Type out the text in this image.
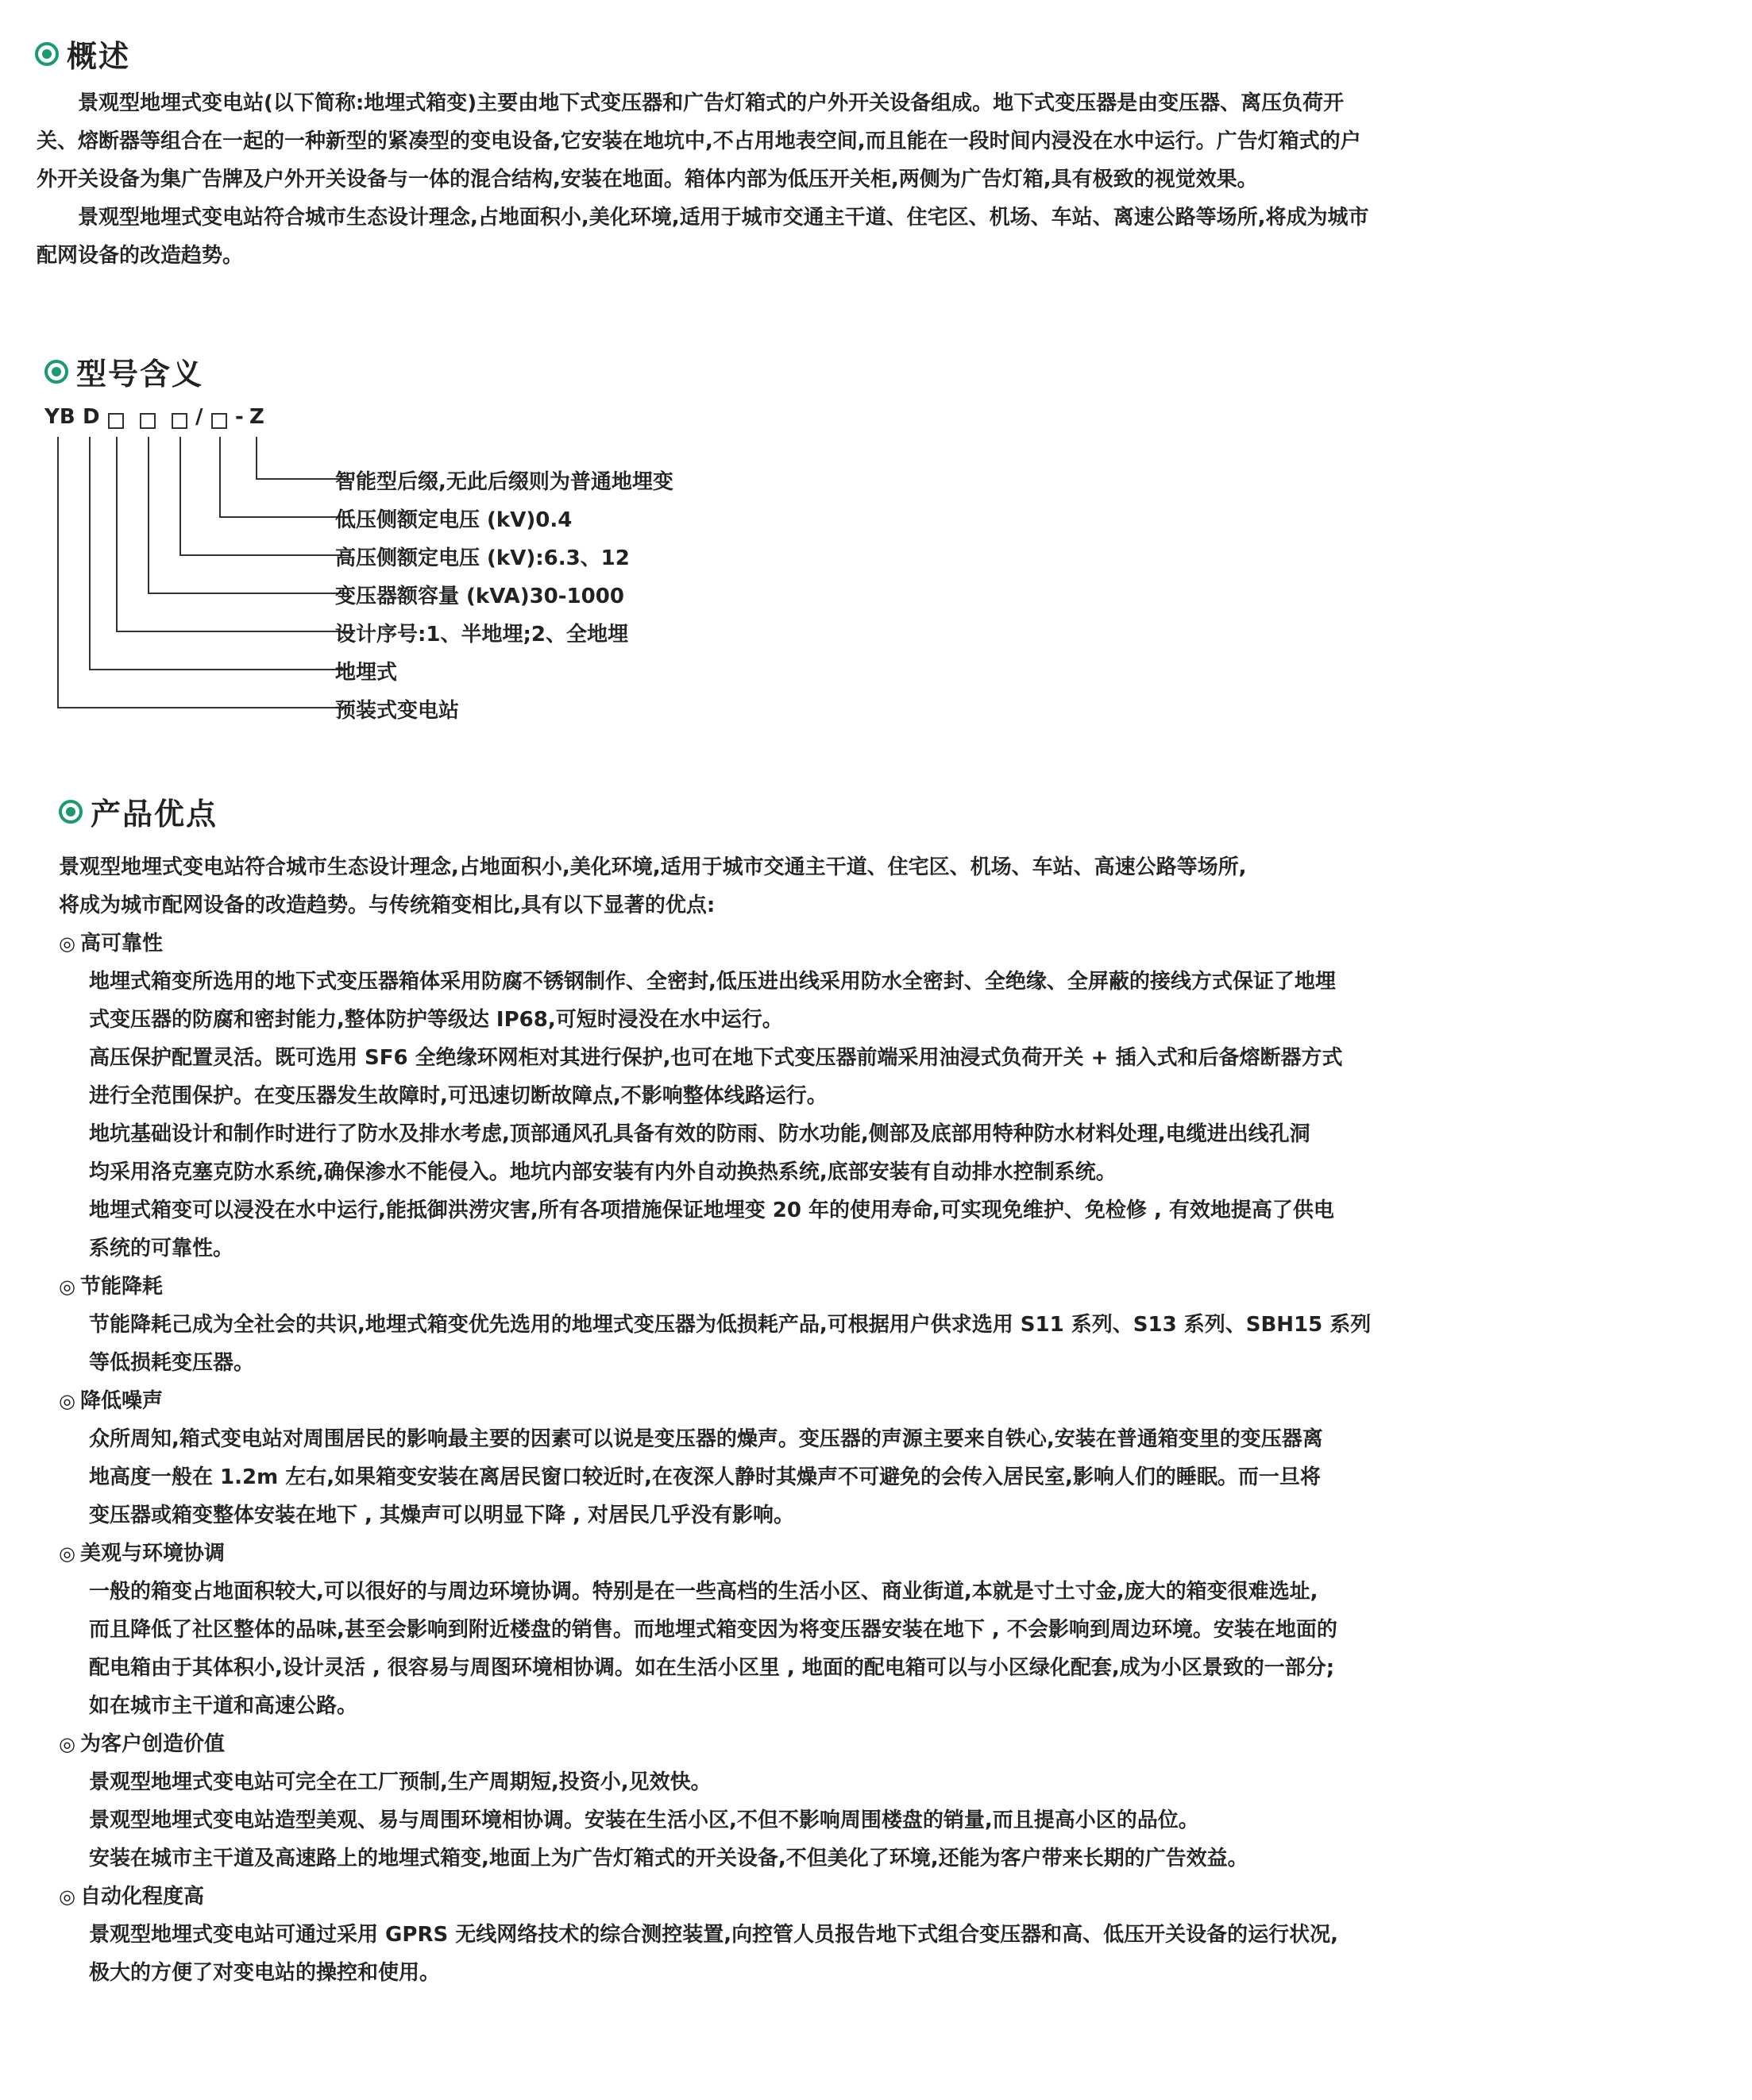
概述

景观型地埋式变电站(以下简称:地埋式箱变)主要由地下式变压器和广告灯箱式的户外开关设备组成。地下式变压器是由变压器、离压负荷开关、熔断器等组合在一起的一种新型的紧凑型的变电设备,它安装在地坑中,不占用地表空间,而且能在一段时间内浸没在水中运行。广告灯箱式的户外开关设备为集广告牌及户外开关设备与一体的混合结构,安装在地面。箱体内部为低压开关柜,两侧为广告灯箱,具有极致的视觉效果。

景观型地埋式变电站符合城市生态设计理念,占地面积小,美化环境,适用于城市交通主干道、住宅区、机场、车站、离速公路等场所,将成为城市配网设备的改造趋势。

型号含义
YB D	/ - Z
智能型后缀,无此后缀则为普通地埋变
低压侧额定电压 (kV)0.4
高压侧额定电压 (kV):6.3、12
变压器额容量 (kVA)30-1000
设计序号:1、半地埋;2、全地埋
地埋式
预装式变电站
产品优点

景观型地埋式变电站符合城市生态设计理念,占地面积小,美化环境,适用于城市交通主干道、住宅区、机场、车站、高速公路等场所,

将成为城市配网设备的改造趋势。与传统箱变相比,具有以下显著的优点:

◎ 高可靠性

地埋式箱变所选用的地下式变压器箱体采用防腐不锈钢制作、全密封,低压进出线采用防水全密封、全绝缘、全屏蔽的接线方式保证了地埋

式变压器的防腐和密封能力,整体防护等级达 IP68,可短时浸没在水中运行。

高压保护配置灵活。既可选用 SF6 全绝缘环网柜对其进行保护,也可在地下式变压器前端采用油浸式负荷开关 + 插入式和后备熔断器方式

进行全范围保护。在变压器发生故障时,可迅速切断故障点,不影响整体线路运行。

地坑基础设计和制作时进行了防水及排水考虑,顶部通风孔具备有效的防雨、防水功能,侧部及底部用特种防水材料处理,电缆进出线孔洞

均采用洛克塞克防水系统,确保渗水不能侵入。地坑内部安装有内外自动换热系统,底部安装有自动排水控制系统。

地埋式箱变可以浸没在水中运行,能抵御洪涝灾害,所有各项措施保证地埋变 20 年的使用寿命,可实现免维护、免检修 , 有效地提高了供电

系统的可靠性。

◎ 节能降耗

节能降耗己成为全社会的共识,地埋式箱变优先选用的地埋式变压器为低损耗产品,可根据用户供求选用 S11 系列、S13 系列、SBH15 系列

等低损耗变压器。

◎ 降低噪声

众所周知,箱式变电站对周围居民的影响最主要的因素可以说是变压器的燥声。变压器的声源主要来自铁心,安装在普通箱变里的变压器离

地高度一般在 1.2m 左右,如果箱变安装在离居民窗口较近时,在夜深人静时其燥声不可避免的会传入居民室,影响人们的睡眠。而一旦将

变压器或箱变整体安装在地下 , 其燥声可以明显下降 , 对居民几乎没有影响。

◎ 美观与环境协调

一般的箱变占地面积较大,可以很好的与周边环境协调。特别是在一些高档的生活小区、商业街道,本就是寸土寸金,庞大的箱变很难选址,

而且降低了社区整体的品味,甚至会影响到附近楼盘的销售。而地埋式箱变因为将变压器安装在地下 , 不会影响到周边环境。安装在地面的

配电箱由于其体积小,设计灵活 , 很容易与周图环境相协调。如在生活小区里 , 地面的配电箱可以与小区绿化配套,成为小区景致的一部分;

如在城市主干道和高速公路。

◎ 为客户创造价值

景观型地埋式变电站可完全在工厂预制,生产周期短,投资小,见效快。

景观型地埋式变电站造型美观、易与周围环境相协调。安装在生活小区,不但不影响周围楼盘的销量,而且提高小区的品位。

安装在城市主干道及高速路上的地埋式箱变,地面上为广告灯箱式的开关设备,不但美化了环境,还能为客户带来长期的广告效益。

◎ 自动化程度高

景观型地埋式变电站可通过采用 GPRS 无线网络技术的综合测控装置,向控管人员报告地下式组合变压器和高、低压开关设备的运行状况,

极大的方便了对变电站的操控和使用。
